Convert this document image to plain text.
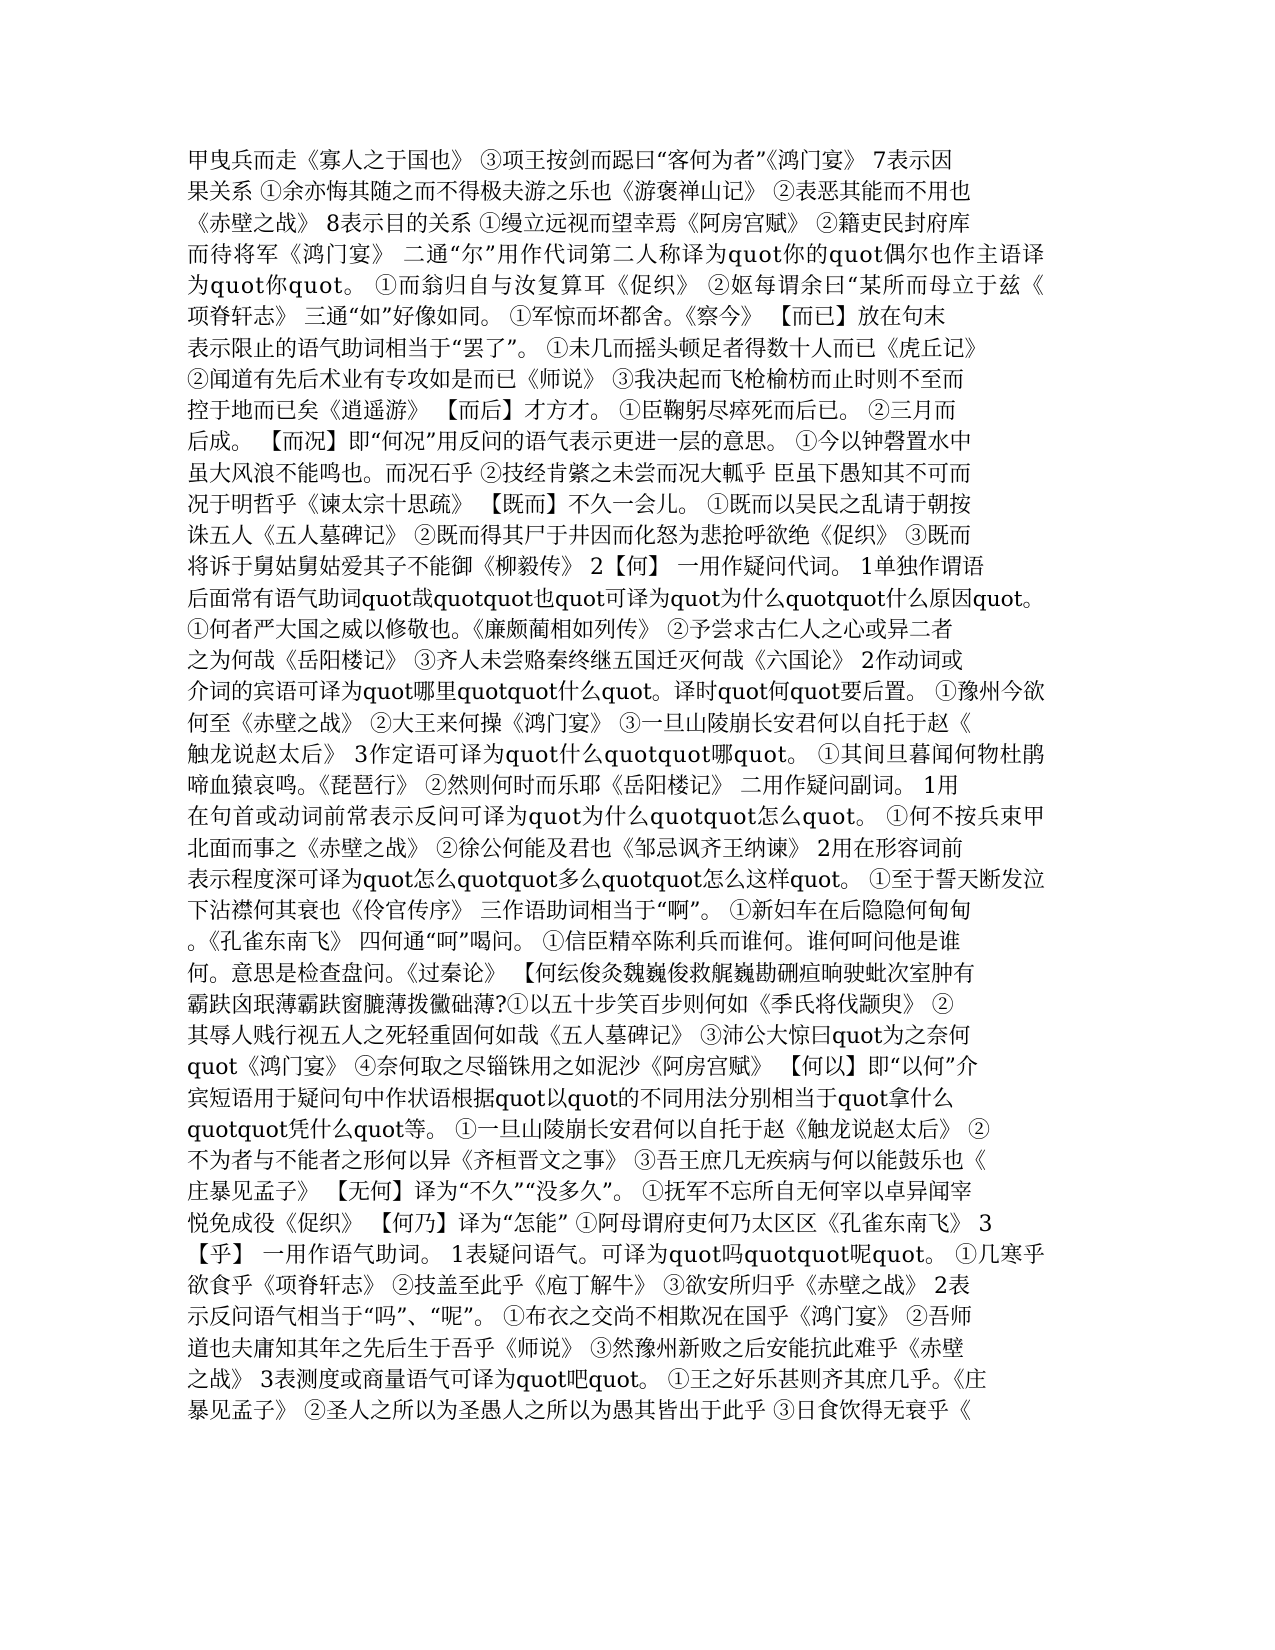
甲曳兵而走《寡人之于国也》 ③项王按剑而跽曰“客何为者”《鸿门宴》 7表示因
果关系 ①余亦悔其随之而不得极夫游之乐也《游褒禅山记》 ②表恶其能而不用也
《赤壁之战》 8表示目的关系 ①缦立远视而望幸焉《阿房宫赋》 ②籍吏民封府库
而待将军《鸿门宴》 二通“尔”用作代词第二人称译为quot你的quot偶尔也作主语译
为quot你quot。 ①而翁归自与汝复算耳《促织》 ②妪每谓余曰“某所而母立于兹《
项脊轩志》 三通“如”好像如同。 ①军惊而坏都舍。《察今》 【而已】放在句末
表示限止的语气助词相当于“罢了”。 ①未几而摇头顿足者得数十人而已《虎丘记》
②闻道有先后术业有专攻如是而已《师说》 ③我决起而飞枪榆枋而止时则不至而
控于地而已矣《逍遥游》 【而后】才方才。 ①臣鞠躬尽瘁死而后已。 ②三月而
后成。 【而况】即“何况”用反问的语气表示更进一层的意思。 ①今以钟磬置水中
虽大风浪不能鸣也。而况石乎 ②技经肯綮之未尝而况大軱乎 臣虽下愚知其不可而
况于明哲乎《谏太宗十思疏》 【既而】不久一会儿。 ①既而以吴民之乱请于朝按
诛五人《五人墓碑记》 ②既而得其尸于井因而化怒为悲抢呼欲绝《促织》 ③既而
将诉于舅姑舅姑爱其子不能御《柳毅传》 2【何】 一用作疑问代词。 1单独作谓语
后面常有语气助词quot哉quotquot也quot可译为quot为什么quotquot什么原因quot。
①何者严大国之威以修敬也。《廉颇蔺相如列传》 ②予尝求古仁人之心或异二者
之为何哉《岳阳楼记》 ③齐人未尝赂秦终继五国迁灭何哉《六国论》 2作动词或
介词的宾语可译为quot哪里quotquot什么quot。译时quot何quot要后置。 ①豫州今欲
何至《赤壁之战》 ②大王来何操《鸿门宴》 ③一旦山陵崩长安君何以自托于赵《
触龙说赵太后》 3作定语可译为quot什么quotquot哪quot。 ①其间旦暮闻何物杜鹃
啼血猿哀鸣。《琵琶行》 ②然则何时而乐耶《岳阳楼记》 二用作疑问副词。 1用
在句首或动词前常表示反问可译为quot为什么quotquot怎么quot。 ①何不按兵束甲
北面而事之《赤壁之战》 ②徐公何能及君也《邹忌讽齐王纳谏》 2用在形容词前
表示程度深可译为quot怎么quotquot多么quotquot怎么这样quot。 ①至于誓天断发泣
下沾襟何其衰也《伶官传序》 三作语助词相当于“啊”。 ①新妇车在后隐隐何甸甸
。《孔雀东南飞》 四何通“呵”喝问。 ①信臣精卒陈利兵而谁何。谁何呵问他是谁
何。意思是检查盘问。《过秦论》 【何纭俊灸魏巍俊救艉巍勘硎疸晌驶蚍次室肿有
霸趺囟珉薄霸趺窗膔薄拨黴础薄?①以五十步笑百步则何如《季氏将伐颛臾》 ②
其辱人贱行视五人之死轻重固何如哉《五人墓碑记》 ③沛公大惊曰quot为之奈何
quot《鸿门宴》 ④奈何取之尽锱铢用之如泥沙《阿房宫赋》 【何以】即“以何”介
宾短语用于疑问句中作状语根据quot以quot的不同用法分别相当于quot拿什么
quotquot凭什么quot等。 ①一旦山陵崩长安君何以自托于赵《触龙说赵太后》 ②
不为者与不能者之形何以异《齐桓晋文之事》 ③吾王庶几无疾病与何以能鼓乐也《
庄暴见孟子》 【无何】译为“不久”“没多久”。 ①抚军不忘所自无何宰以卓异闻宰
悦免成役《促织》 【何乃】译为“怎能” ①阿母谓府吏何乃太区区《孔雀东南飞》 3
【乎】 一用作语气助词。 1表疑问语气。可译为quot吗quotquot呢quot。 ①几寒乎
欲食乎《项脊轩志》 ②技盖至此乎《庖丁解牛》 ③欲安所归乎《赤壁之战》 2表
示反问语气相当于“吗”、“呢”。 ①布衣之交尚不相欺况在国乎《鸿门宴》 ②吾师
道也夫庸知其年之先后生于吾乎《师说》 ③然豫州新败之后安能抗此难乎《赤壁
之战》 3表测度或商量语气可译为quot吧quot。 ①王之好乐甚则齐其庶几乎。《庄
暴见孟子》 ②圣人之所以为圣愚人之所以为愚其皆出于此乎 ③日食饮得无衰乎《
